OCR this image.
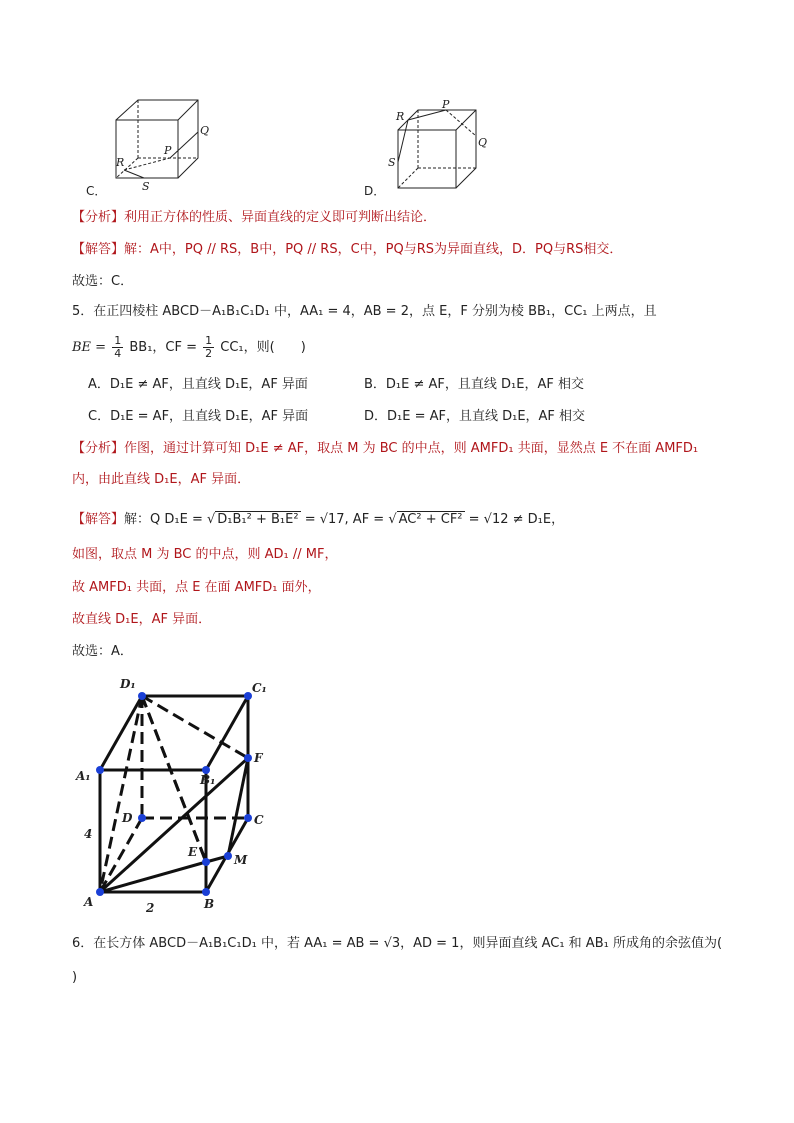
C．
Q
P
R
S	D．
P
R
Q
S
【分析】利用正方体的性质、异面直线的定义即可判断出结论．
【解答】解：A中，PQ // RS，B中，PQ // RS，C中，PQ与RS为异面直线，D．PQ与RS相交．
故选：C．
5．在正四棱柱 ABCD－A₁B₁C₁D₁ 中，AA₁ = 4，AB = 2，点 E，F 分别为棱 BB₁，CC₁ 上两点，且
BE = $\frac{1}{4} BB_1$，CF = $\frac{1}{2} CC_1$，则(　　)
A．D₁E ≠ AF，且直线 D₁E，AF 异面	B．D₁E ≠ AF，且直线 D₁E，AF 相交
C．D₁E = AF，且直线 D₁E，AF 异面	D．D₁E = AF，且直线 D₁E，AF 相交
【分析】作图，通过计算可知 D₁E ≠ AF，取点 M 为 BC 的中点，则 AMFD₁ 共面，显然点 E 不在面 AMFD₁
内，由此直线 D₁E，AF 异面．
【解答】解：Q D₁E = √ D₁B₁² + B₁E² = √17, AF = √ AC² + CF² = √12 ≠ D₁E，
如图，取点 M 为 BC 的中点，则 AD₁ // MF，
故 AMFD₁ 共面，点 E 在面 AMFD₁ 面外，
故直线 D₁E，AF 异面．
故选：A．
D₁	C₁
A₁	B₁
F
D	C
E
M
A	B
4
2
6．在长方体 ABCD－A₁B₁C₁D₁ 中，若 AA₁ = AB = √3，AD = 1，则异面直线 AC₁ 和 AB₁ 所成角的余弦值为(
)
